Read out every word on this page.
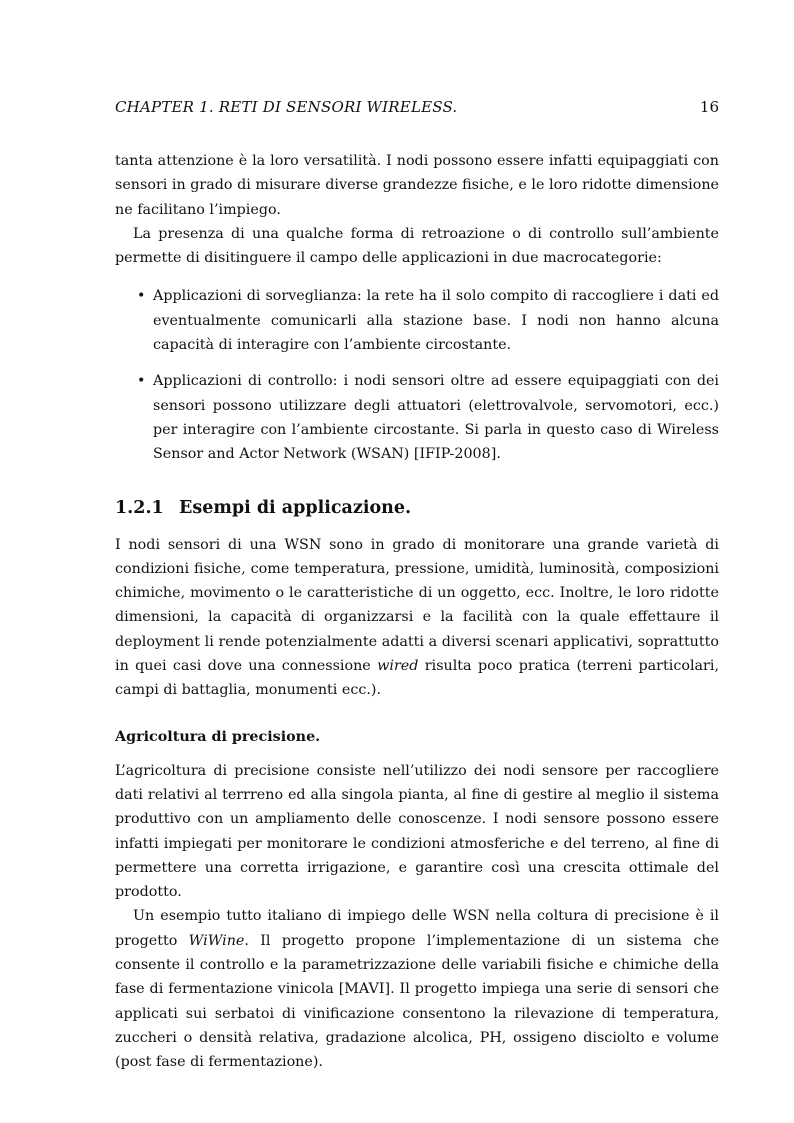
CHAPTER 1. RETI DI SENSORI WIRELESS.	16

tanta attenzione è la loro versatilità. I nodi possono essere infatti equipaggiati con sensori in grado di misurare diverse grandezze fisiche, e le loro ridotte dimensione ne facilitano l’impiego.

La presenza di una qualche forma di retroazione o di controllo sull’ambiente permette di disitinguere il campo delle applicazioni in due macrocategorie:

• Applicazioni di sorveglianza: la rete ha il solo compito di raccogliere i dati ed eventualmente comunicarli alla stazione base. I nodi non hanno alcuna capacità di interagire con l’ambiente circostante.
• Applicazioni di controllo: i nodi sensori oltre ad essere equipaggiati con dei sensori possono utilizzare degli attuatori (elettrovalvole, servomotori, ecc.) per interagire con l’ambiente circostante. Si parla in questo caso di Wireless Sensor and Actor Network (WSAN) [IFIP-2008].
1.2.1 Esempi di applicazione.

I nodi sensori di una WSN sono in grado di monitorare una grande varietà di condizioni fisiche, come temperatura, pressione, umidità, luminosità, composizioni chimiche, movimento o le caratteristiche di un oggetto, ecc. Inoltre, le loro ridotte dimensioni, la capacità di organizzarsi e la facilità con la quale effettaure il deployment li rende potenzialmente adatti a diversi scenari applicativi, soprattutto in quei casi dove una connessione wired risulta poco pratica (terreni particolari, campi di battaglia, monumenti ecc.).

Agricoltura di precisione.

L’agricoltura di precisione consiste nell’utilizzo dei nodi sensore per raccogliere dati relativi al terrreno ed alla singola pianta, al fine di gestire al meglio il sistema produttivo con un ampliamento delle conoscenze. I nodi sensore possono essere infatti impiegati per monitorare le condizioni atmosferiche e del terreno, al fine di permettere una corretta irrigazione, e garantire così una crescita ottimale del prodotto.

Un esempio tutto italiano di impiego delle WSN nella coltura di precisione è il progetto WiWine. Il progetto propone l’implementazione di un sistema che consente il controllo e la parametrizzazione delle variabili fisiche e chimiche della fase di fermentazione vinicola [MAVI]. Il progetto impiega una serie di sensori che applicati sui serbatoi di vinificazione consentono la rilevazione di temperatura, zuccheri o densità relativa, gradazione alcolica, PH, ossigeno disciolto e volume (post fase di fermentazione).
